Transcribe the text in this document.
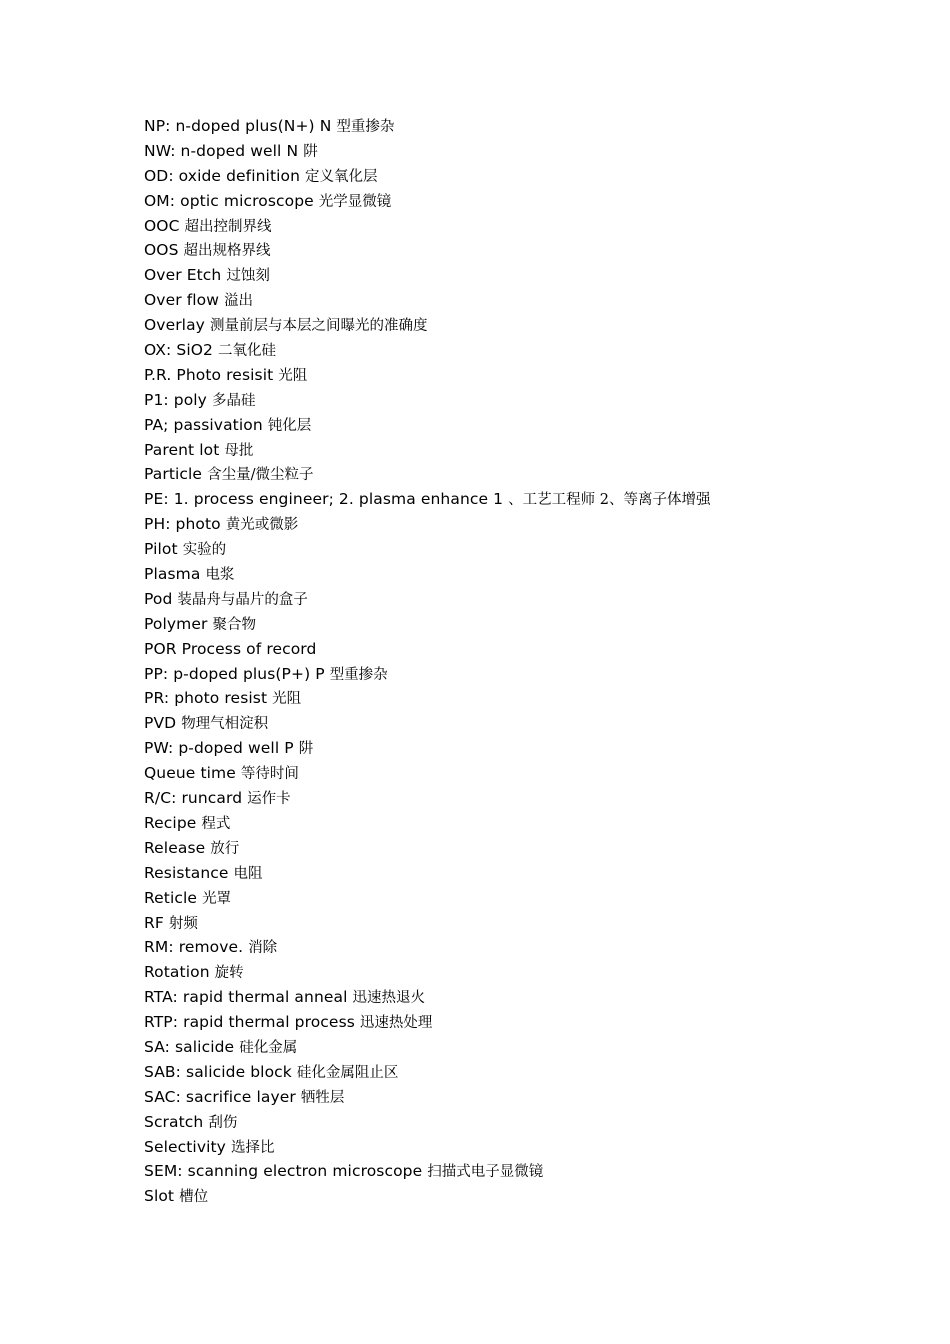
NP: n-doped plus(N+) N 型重掺杂
NW: n-doped well N 阱
OD: oxide definition 定义氧化层
OM: optic microscope 光学显微镜
OOC 超出控制界线
OOS 超出规格界线
Over Etch 过蚀刻
Over flow 溢出
Overlay 测量前层与本层之间曝光的准确度
OX: SiO2 二氧化硅
P.R. Photo resisit 光阻
P1: poly 多晶硅
PA; passivation 钝化层
Parent lot 母批
Particle 含尘量/微尘粒子
PE: 1. process engineer; 2. plasma enhance 1 、工艺工程师 2、等离子体增强
PH: photo 黄光或微影
Pilot 实验的
Plasma 电浆
Pod 装晶舟与晶片的盒子
Polymer 聚合物
POR Process of record
PP: p-doped plus(P+) P 型重掺杂
PR: photo resist 光阻
PVD 物理气相淀积
PW: p-doped well P 阱
Queue time 等待时间
R/C: runcard 运作卡
Recipe 程式
Release 放行
Resistance 电阻
Reticle 光罩
RF 射频
RM: remove. 消除
Rotation 旋转
RTA: rapid thermal anneal 迅速热退火
RTP: rapid thermal process 迅速热处理
SA: salicide 硅化金属
SAB: salicide block 硅化金属阻止区
SAC: sacrifice layer 牺牲层
Scratch 刮伤
Selectivity 选择比
SEM: scanning electron microscope 扫描式电子显微镜
Slot 槽位
